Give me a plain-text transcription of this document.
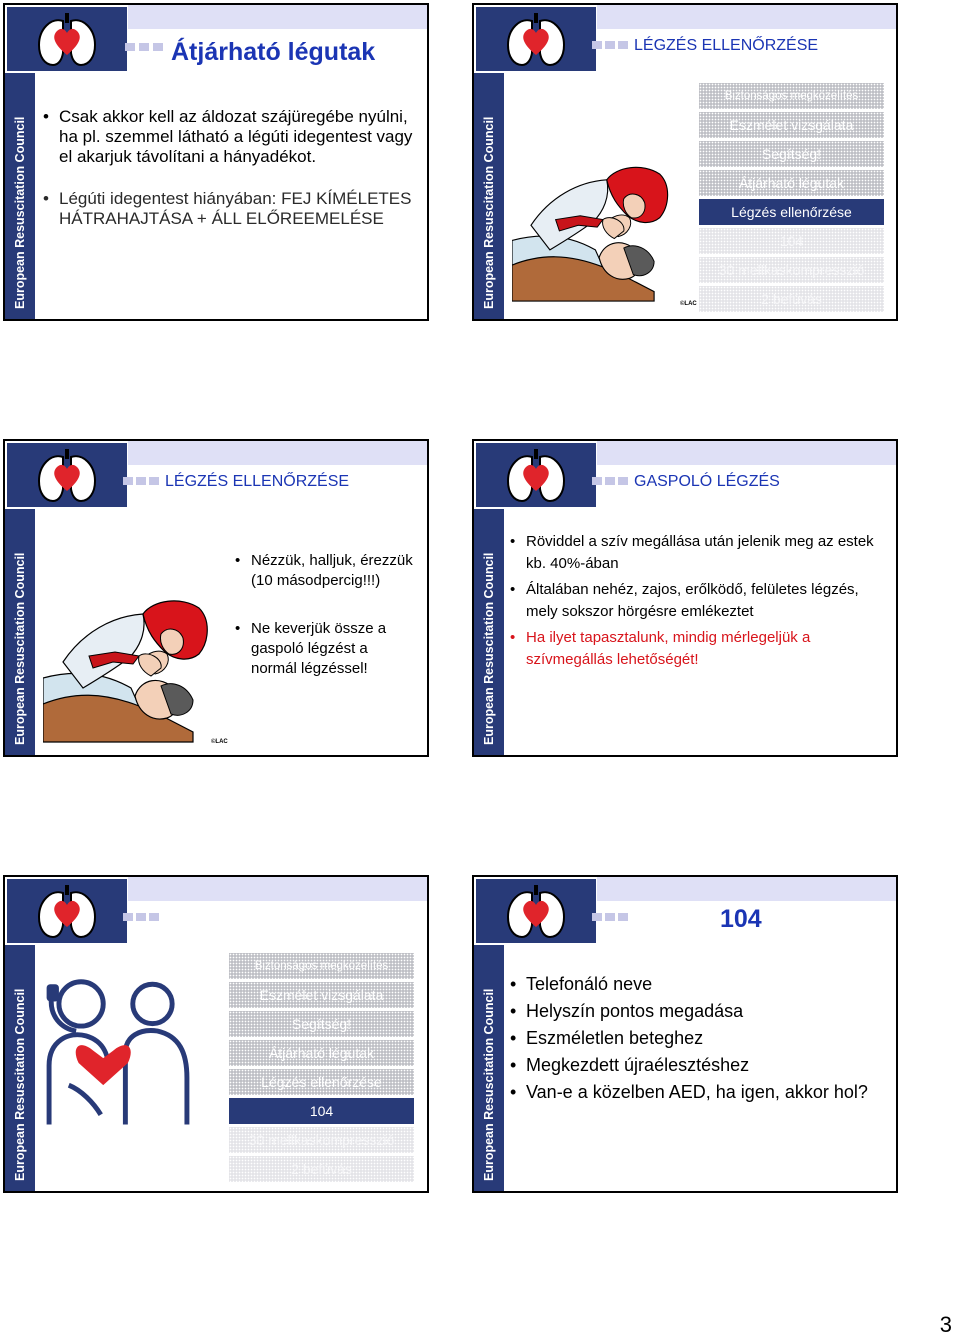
Átjárható légutak
European Resuscitation Council
• Csak akkor kell az áldozat szájüregébe nyúlni, ha pl. szemmel látható a légúti idegentest vagy el akarjuk távolítani a hányadékot.
• Légúti idegentest hiányában: FEJ KÍMÉLETES HÁTRAHAJTÁSA + ÁLL ELŐREEMELÉSE
LÉGZÉS ELLENŐRZÉSE
European Resuscitation Council	©LAC
Biztonságos megközelítés
Eszmélet vizsgálata
Segítség!
Átjárható légutak
Légzés ellenőrzése
104
30 mellkaskompresszió
2 befúvás
LÉGZÉS ELLENŐRZÉSE
European Resuscitation Council	©LAC
• Nézzük, halljuk, érezzük (10 másodpercig!!!)
• Ne keverjük össze a gaspoló légzést a normál légzéssel!
GASPOLÓ LÉGZÉS
European Resuscitation Council
• Röviddel a szív megállása után jelenik meg az estek kb. 40%-ában
• Általában nehéz, zajos, erőlködő, felületes légzés, mely sokszor hörgésre emlékeztet
• Ha ilyet tapasztalunk, mindig mérlegeljük a szívmegállás lehetőségét!
European Resuscitation Council
Biztonságos megközelítés
Eszmélet vizsgálata
Segítség!
Átjárható légutak
Légzés ellenőrzése
104
30 mellkaskompresszió
2 befúvás
104
European Resuscitation Council
• Telefonáló neve
• Helyszín pontos megadása
• Eszméletlen beteghez
• Megkezdett újraélesztéshez
• Van-e a közelben AED, ha igen, akkor hol?
3
